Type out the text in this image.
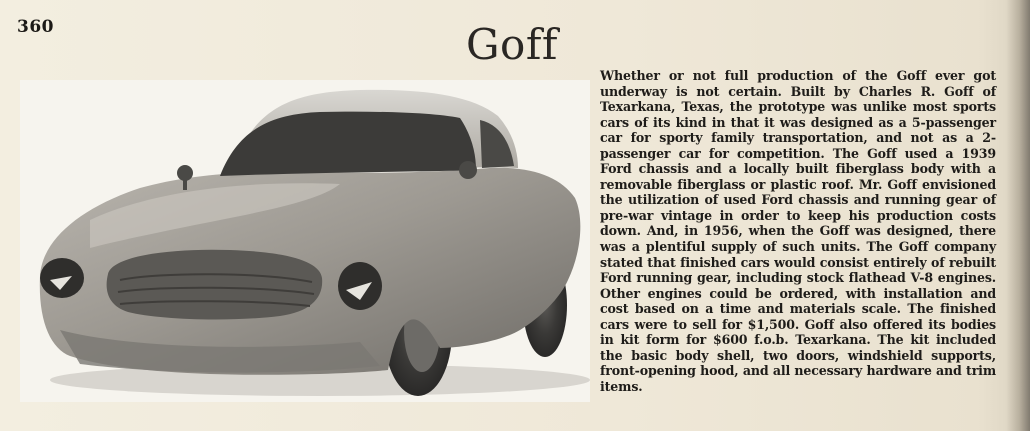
360	Goff
Whether or not full production of the Goff ever got underway is not certain. Built by Charles R. Goff of Texarkana, Texas, the prototype was unlike most sports cars of its kind in that it was designed as a 5-passenger car for sporty family transportation, and not as a 2-passenger car for competition. The Goff used a 1939 Ford chassis and a locally built fiberglass body with a removable fiberglass or plastic roof. Mr. Goff envisioned the utilization of used Ford chassis and running gear of pre-war vintage in order to keep his production costs down. And, in 1956, when the Goff was designed, there was a plentiful supply of such units. The Goff company stated that finished cars would consist entirely of rebuilt Ford running gear, including stock flathead V-8 engines. Other engines could be ordered, with installation and cost based on a time and materials scale. The finished cars were to sell for $1,500. Goff also offered its bodies in kit form for $600 f.o.b. Texarkana. The kit included the basic body shell, two doors, windshield supports, front-opening hood, and all necessary hardware and trim items.
